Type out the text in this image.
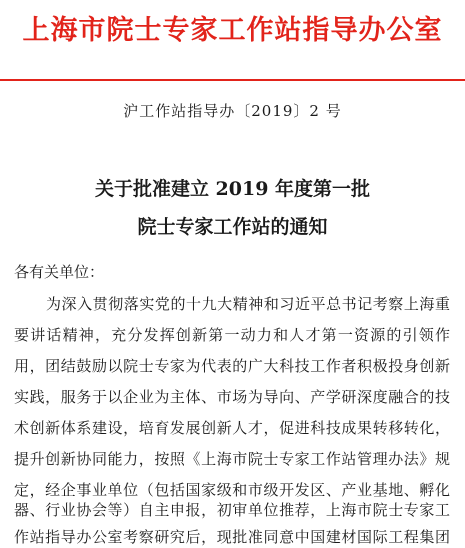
上海市院士专家工作站指导办公室
沪工作站指导办〔2019〕2 号
关于批准建立 2019 年度第一批
院士专家工作站的通知
各有关单位：
为深入贯彻落实党的十九大精神和习近平总书记考察上海重
要讲话精神，充分发挥创新第一动力和人才第一资源的引领作
用，团结鼓励以院士专家为代表的广大科技工作者积极投身创新
实践，服务于以企业为主体、市场为导向、产学研深度融合的技
术创新体系建设，培育发展创新人才，促进科技成果转移转化，
提升创新协同能力，按照《上海市院士专家工作站管理办法》规
定，经企事业单位（包括国家级和市级开发区、产业基地、孵化
器、行业协会等）自主申报，初审单位推荐，上海市院士专家工
作站指导办公室考察研究后，现批准同意中国建材国际工程集团
